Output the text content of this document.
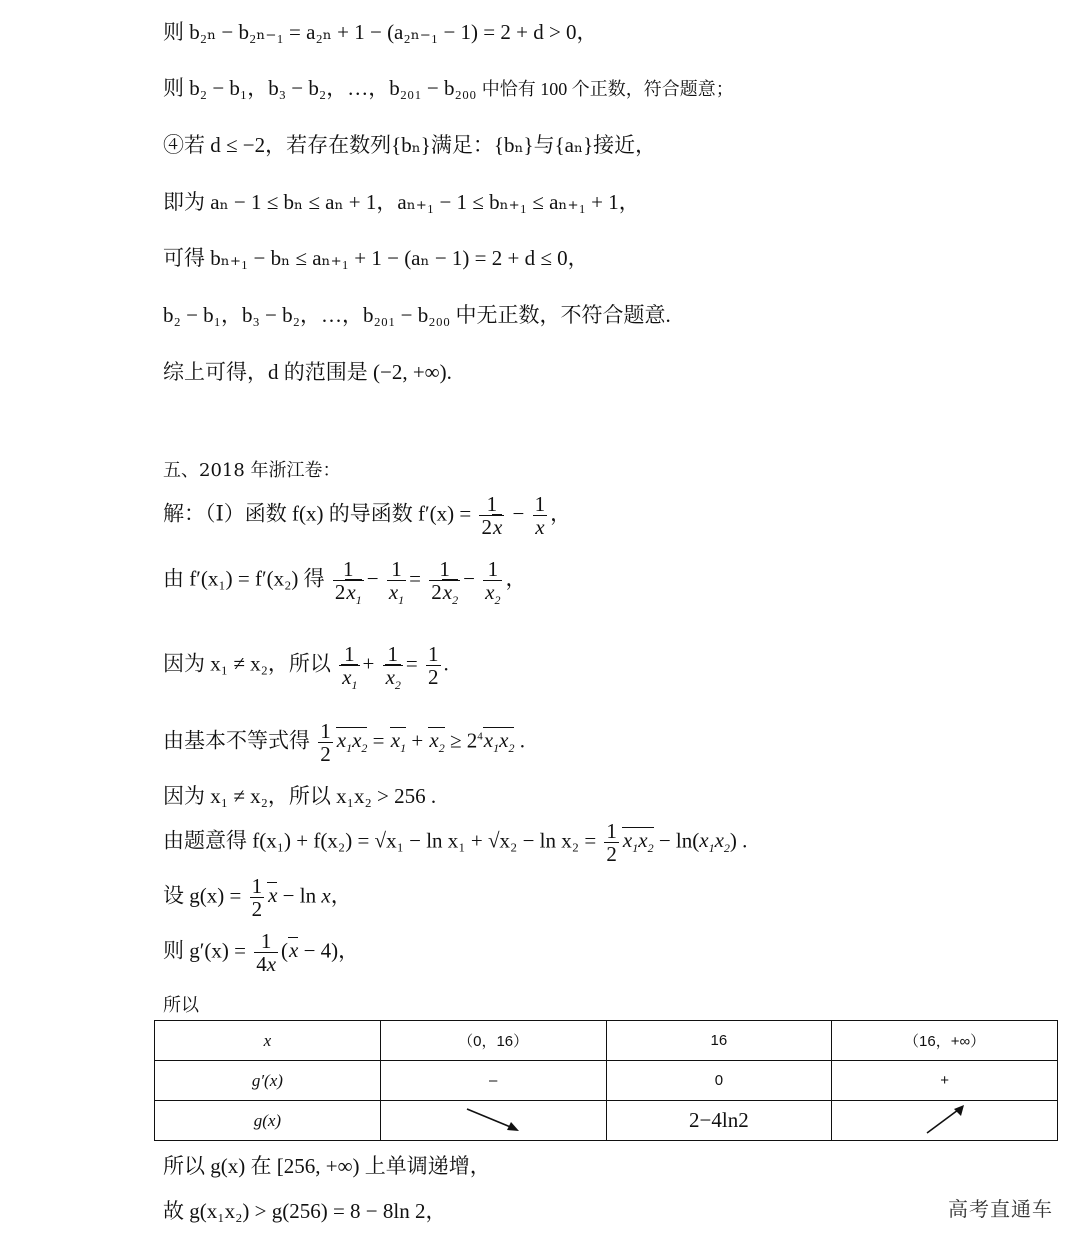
则 b₂ₙ − b₂ₙ₋₁ = a₂ₙ + 1 − (a₂ₙ₋₁ − 1) = 2 + d > 0，
则 b₂ − b₁，b₃ − b₂，…，b₂₀₁ − b₂₀₀ 中恰有 100 个正数，符合题意；
④若 d ≤ −2，若存在数列{bₙ}满足：{bₙ}与{aₙ}接近，
即为 aₙ − 1 ≤ bₙ ≤ aₙ + 1，aₙ₊₁ − 1 ≤ bₙ₊₁ ≤ aₙ₊₁ + 1，
可得 bₙ₊₁ − bₙ ≤ aₙ₊₁ + 1 − (aₙ − 1) = 2 + d ≤ 0，
b₂ − b₁，b₃ − b₂，…，b₂₀₁ − b₂₀₀ 中无正数，不符合题意.
综上可得，d 的范围是 (−2, +∞).
五、2018 年浙江卷：
解：（Ⅰ）函数 f(x) 的导函数 $f'(x) = \frac{1}{2x} - \frac{1}{x}$ ，
由 f′(x₁) = f′(x₂) 得 $\frac{1}{2x_1} - \frac{1}{x_1} = \frac{1}{2x_2} - \frac{1}{x_2}$ ，
因为 x₁ ≠ x₂，所以 $\frac{1}{x_1} + \frac{1}{x_2} = \frac{1}{2}$ .
由基本不等式得 $\frac{1}{2} x_1x_2 = x_1 + x_2 \ge 2^4x_1x_2$ .
因为 x₁ ≠ x₂，所以 x₁x₂ > 256 .
由题意得 $f(x_1) + f(x_2) = √x_1 - \ln x_1 + √x_2 - \ln x_2 = \frac{1}{2} x_1x_2 - \ln(x_1x_2)$ .
设 $g(x) = \frac{1}{2}$ x − ln x，
则 $g'(x) = \frac{1}{4x} (x - 4)$，
所以
x	（0，16）	16	（16，+∞）
g′(x)	–	0	+
g(x)		2−4ln2	
所以 g(x) 在 [256, +∞) 上单调递增，
故 g(x₁x₂) > g(256) = 8 − 8ln 2，	高考直通车
